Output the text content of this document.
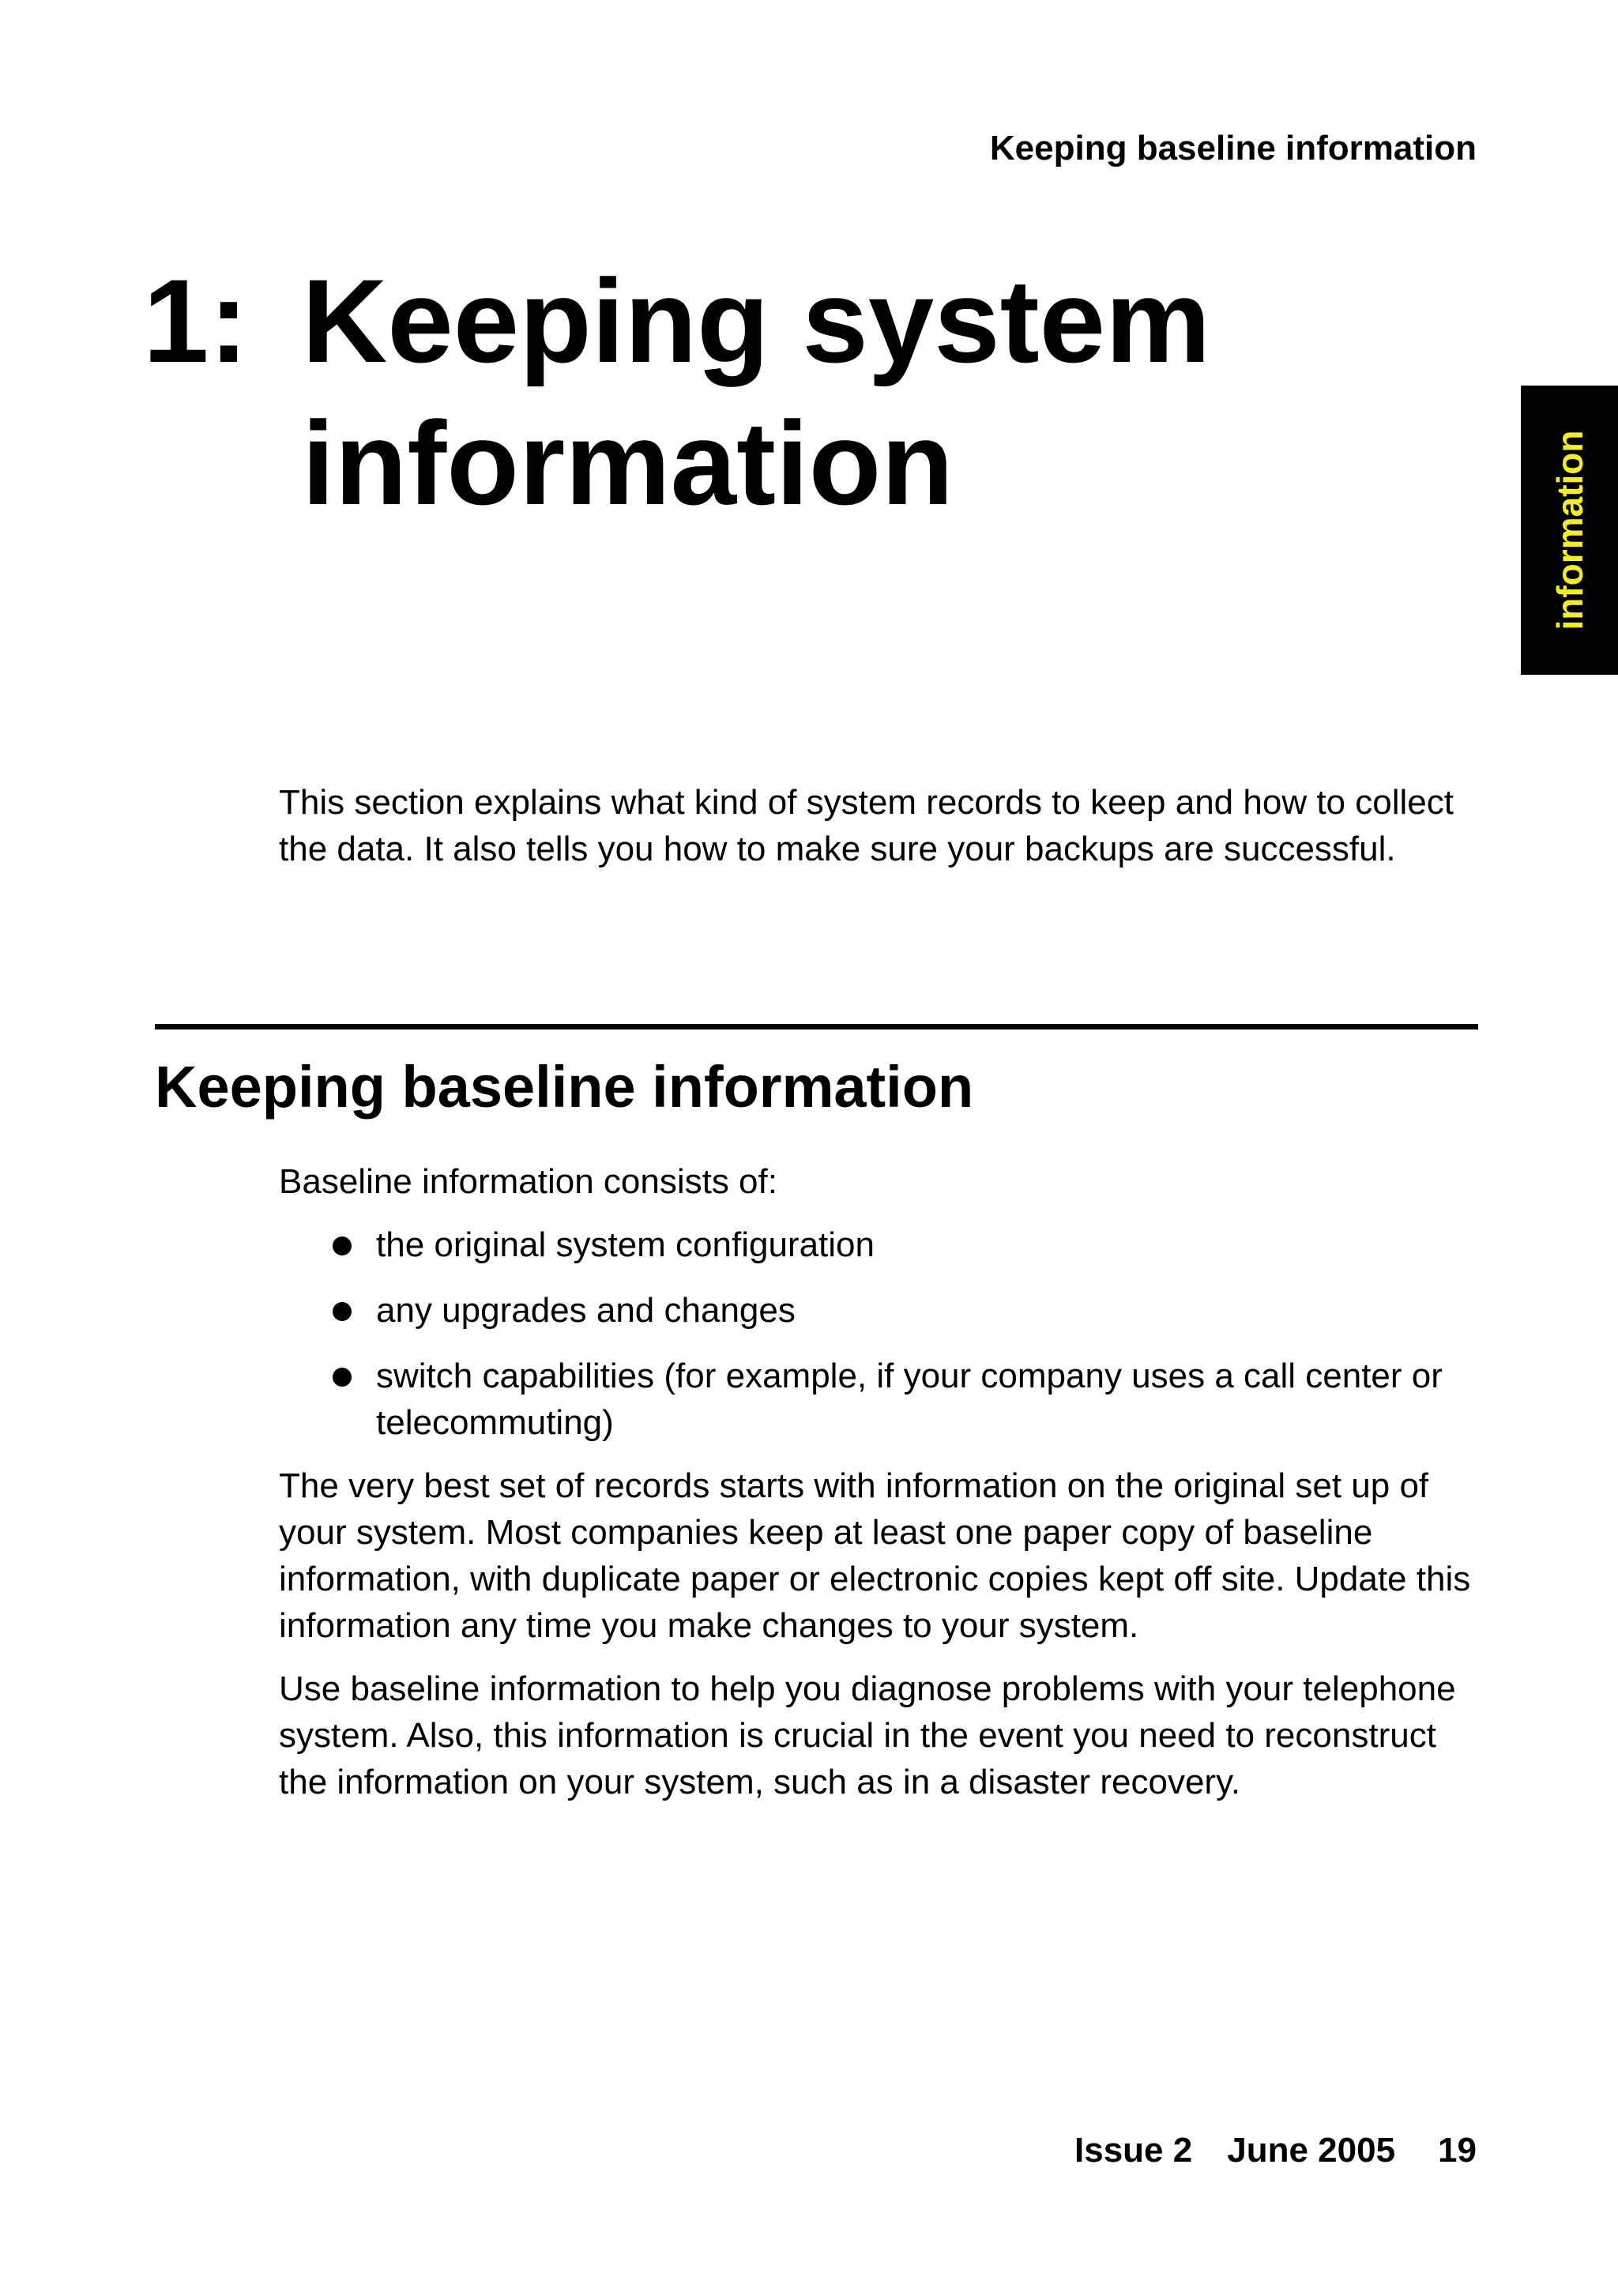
Keeping baseline information
1: Keeping system information	information

This section explains what kind of system records to keep and how to collect the data. It also tells you how to make sure your backups are successful.

Keeping baseline information

Baseline information consists of:

the original system configuration
any upgrades and changes
switch capabilities (for example, if your company uses a call center or telecommuting)

The very best set of records starts with information on the original set up of your system. Most companies keep at least one paper copy of baseline information, with duplicate paper or electronic copies kept off site. Update this information any time you make changes to your system.

Use baseline information to help you diagnose problems with your telephone system. Also, this information is crucial in the event you need to reconstruct the information on your system, such as in a disaster recovery.

Issue 2 June 2005 19
